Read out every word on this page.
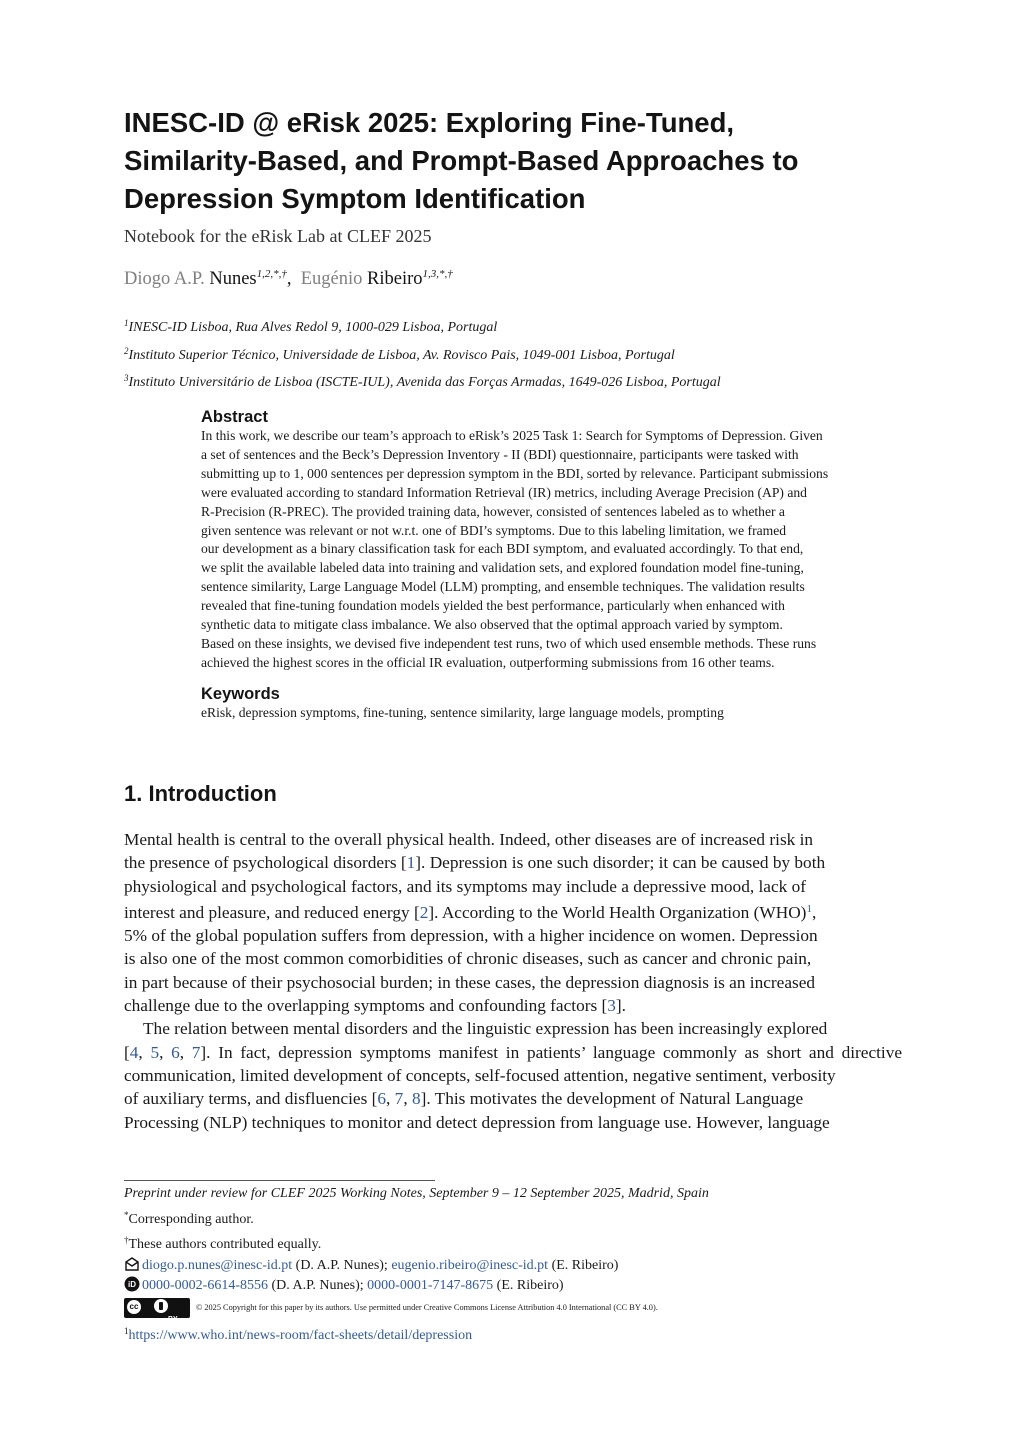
INESC-ID @ eRisk 2025: Exploring Fine-Tuned,
Similarity-Based, and Prompt-Based Approaches to
Depression Symptom Identification
Notebook for the eRisk Lab at CLEF 2025
Diogo A.P. Nunes$^{1,2,*,\dagger}$, Eugénio Ribeiro$^{1,3,*,\dagger}$
$^1$INESC-ID Lisboa, Rua Alves Redol 9, 1000-029 Lisboa, Portugal
$^2$Instituto Superior Técnico, Universidade de Lisboa, Av. Rovisco Pais, 1049-001 Lisboa, Portugal
$^3$Instituto Universitário de Lisboa (ISCTE-IUL), Avenida das Forças Armadas, 1649-026 Lisboa, Portugal
Abstract
In this work, we describe our team’s approach to eRisk’s 2025 Task 1: Search for Symptoms of Depression. Given
a set of sentences and the Beck’s Depression Inventory - II (BDI) questionnaire, participants were tasked with
submitting up to 1, 000 sentences per depression symptom in the BDI, sorted by relevance. Participant submissions
were evaluated according to standard Information Retrieval (IR) metrics, including Average Precision (AP) and
R-Precision (R-PREC). The provided training data, however, consisted of sentences labeled as to whether a
given sentence was relevant or not w.r.t. one of BDI’s symptoms. Due to this labeling limitation, we framed
our development as a binary classification task for each BDI symptom, and evaluated accordingly. To that end,
we split the available labeled data into training and validation sets, and explored foundation model fine-tuning,
sentence similarity, Large Language Model (LLM) prompting, and ensemble techniques. The validation results
revealed that fine-tuning foundation models yielded the best performance, particularly when enhanced with
synthetic data to mitigate class imbalance. We also observed that the optimal approach varied by symptom.
Based on these insights, we devised five independent test runs, two of which used ensemble methods. These runs
achieved the highest scores in the official IR evaluation, outperforming submissions from 16 other teams.
Keywords
eRisk, depression symptoms, fine-tuning, sentence similarity, large language models, prompting
1. Introduction
Mental health is central to the overall physical health. Indeed, other diseases are of increased risk in
the presence of psychological disorders [1]. Depression is one such disorder; it can be caused by both
physiological and psychological factors, and its symptoms may include a depressive mood, lack of
interest and pleasure, and reduced energy [2]. According to the World Health Organization (WHO)$^1$,
5% of the global population suffers from depression, with a higher incidence on women. Depression
is also one of the most common comorbidities of chronic diseases, such as cancer and chronic pain,
in part because of their psychosocial burden; in these cases, the depression diagnosis is an increased
challenge due to the overlapping symptoms and confounding factors [3].
The relation between mental disorders and the linguistic expression has been increasingly explored
[4, 5, 6, 7]. In fact, depression symptoms manifest in patients’ language commonly as short and directive
communication, limited development of concepts, self-focused attention, negative sentiment, verbosity
of auxiliary terms, and disfluencies [6, 7, 8]. This motivates the development of Natural Language
Processing (NLP) techniques to monitor and detect depression from language use. However, language
Preprint under review for CLEF 2025 Working Notes, September 9 – 12 September 2025, Madrid, Spain
*Corresponding author.
†These authors contributed equally.
diogo.p.nunes@inesc-id.pt (D. A.P. Nunes); eugenio.ribeiro@inesc-id.pt (E. Ribeiro)
iD 0000-0002-6614-8556 (D. A.P. Nunes); 0000-0001-7147-8675 (E. Ribeiro)
cc
BY
© 2025 Copyright for this paper by its authors. Use permitted under Creative Commons License Attribution 4.0 International (CC BY 4.0).
$^1$https://www.who.int/news-room/fact-sheets/detail/depression
